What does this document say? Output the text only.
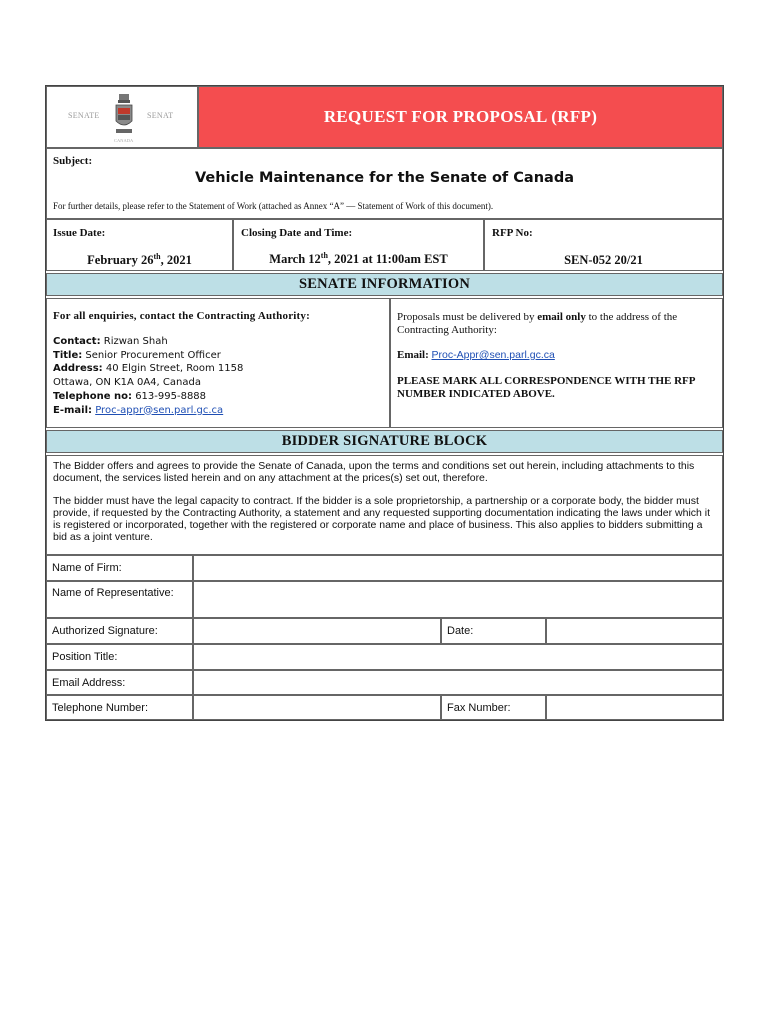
SENATE	SENAT
CANADA
REQUEST FOR PROPOSAL (RFP)
Subject:
Vehicle Maintenance for the Senate of Canada
For further details, please refer to the Statement of Work (attached as Annex “A” — Statement of Work of this document).
Issue Date:
February 26th, 2021
Closing Date and Time:
March 12th, 2021 at 11:00am EST
RFP No:
SEN-052 20/21
SENATE INFORMATION
For all enquiries, contact the Contracting Authority:
Contact: Rizwan Shah
Title: Senior Procurement Officer
Address: 40 Elgin Street, Room 1158
Ottawa, ON K1A 0A4, Canada
Telephone no: 613-995-8888
E-mail: Proc-appr@sen.parl.gc.ca
Proposals must be delivered by email only to the address of the Contracting Authority:
Email: Proc-Appr@sen.parl.gc.ca
PLEASE MARK ALL CORRESPONDENCE WITH THE RFP NUMBER INDICATED ABOVE.
BIDDER SIGNATURE BLOCK
The Bidder offers and agrees to provide the Senate of Canada, upon the terms and conditions set out herein, including attachments to this document, the services listed herein and on any attachment at the prices(s) set out, therefore.
The bidder must have the legal capacity to contract. If the bidder is a sole proprietorship, a partnership or a corporate body, the bidder must provide, if requested by the Contracting Authority, a statement and any requested supporting documentation indicating the laws under which it is registered or incorporated, together with the registered or corporate name and place of business. This also applies to bidders submitting a bid as a joint venture.
Name of Firm:
Name of Representative:
Authorized Signature:	Date:
Position Title:
Email Address:
Telephone Number:	Fax Number:
